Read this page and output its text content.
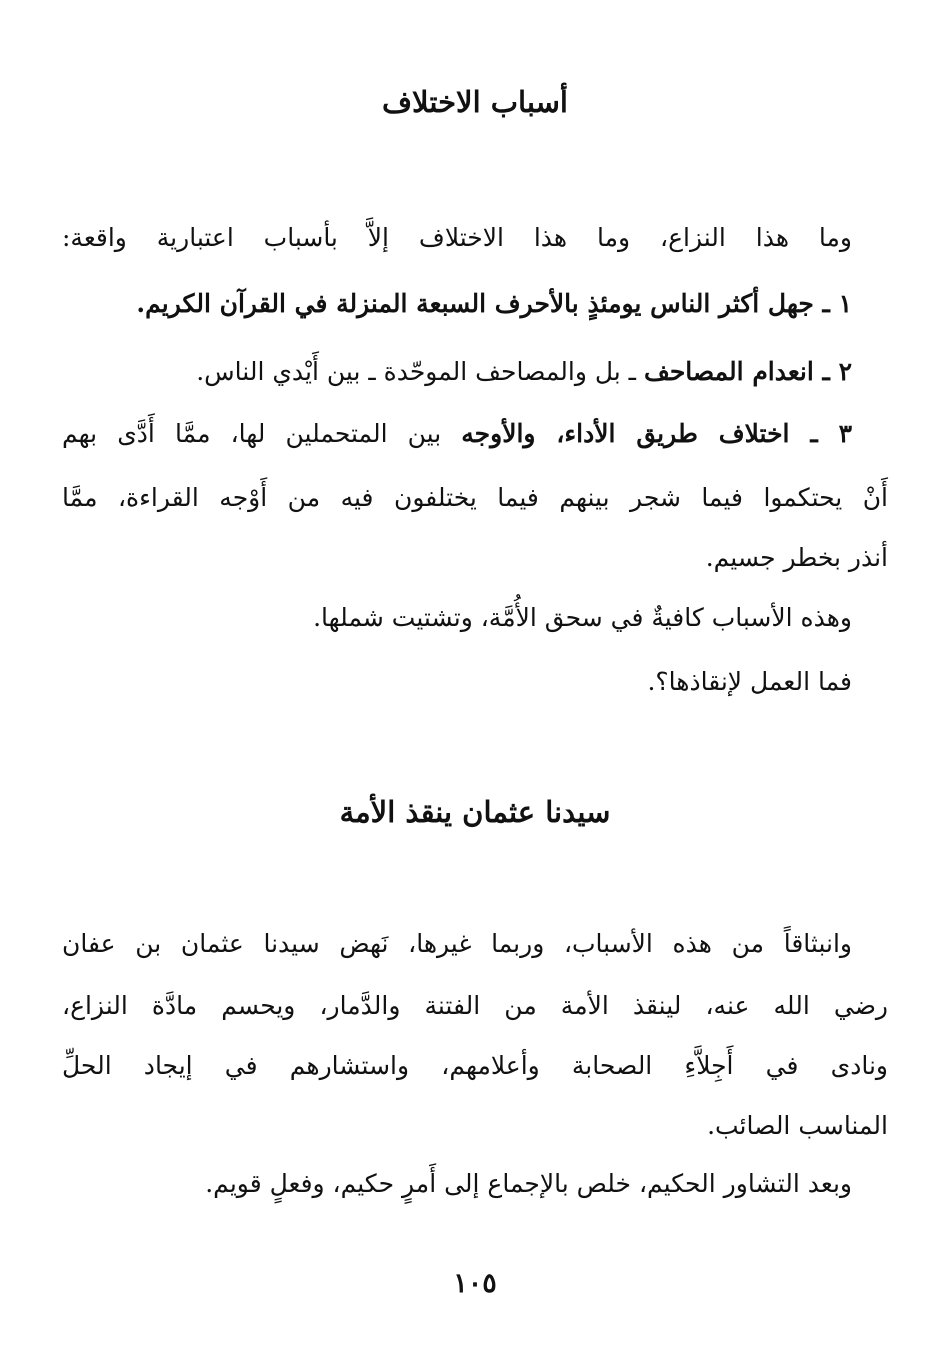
أسباب الاختلاف

وما هذا النزاع، وما هذا الاختلاف إلاَّ بأسباب اعتبارية واقعة:

١ ـ جهل أكثر الناس يومئذٍ بالأحرف السبعة المنزلة في القرآن الكريم.

٢ ـ انعدام المصاحف ـ بل والمصاحف الموحّدة ـ بين أَيْدي الناس.

٣ ـ اختلاف طريق الأداء، والأوجه بين المتحملين لها، ممَّا أَدَّى بهم

أَنْ يحتكموا فيما شجر بينهم فيما يختلفون فيه من أَوْجه القراءة، ممَّا

أنذر بخطر جسيم.

وهذه الأسباب كافيةٌ في سحق الأُمَّة، وتشتيت شملها.

فما العمل لإنقاذها؟.

سيدنا عثمان ينقذ الأمة

وانبثاقاً من هذه الأسباب، وربما غيرها، نَهض سيدنا عثمان بن عفان

رضي الله عنه، لينقذ الأمة من الفتنة والدَّمار، ويحسم مادَّة النزاع،

ونادى في أَجِلاَّءِ الصحابة وأعلامهم، واستشارهم في إيجاد الحلِّ

المناسب الصائب.

وبعد التشاور الحكيم، خلص بالإجماع إلى أَمرٍ حكيم، وفعلٍ قويم.

١٠٥
